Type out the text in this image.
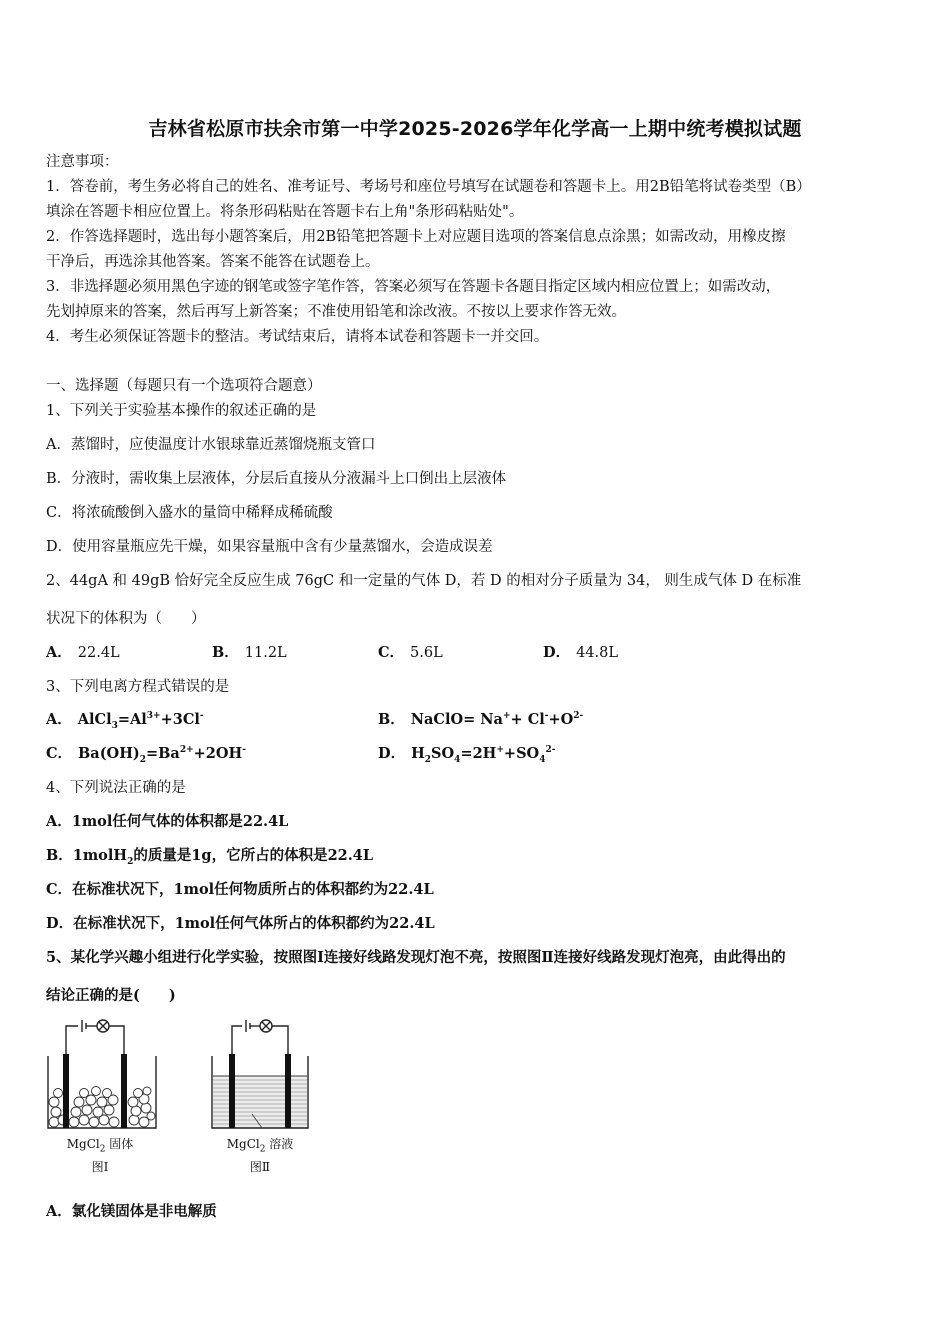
吉林省松原市扶余市第一中学2025-2026学年化学高一上期中统考模拟试题
注意事项：
1．答卷前，考生务必将自己的姓名、准考证号、考场号和座位号填写在试题卷和答题卡上。用2B铅笔将试卷类型（B）
填涂在答题卡相应位置上。将条形码粘贴在答题卡右上角"条形码粘贴处"。
2．作答选择题时，选出每小题答案后，用2B铅笔把答题卡上对应题目选项的答案信息点涂黑；如需改动，用橡皮擦
干净后，再选涂其他答案。答案不能答在试题卷上。
3．非选择题必须用黑色字迹的钢笔或签字笔作答，答案必须写在答题卡各题目指定区域内相应位置上；如需改动，
先划掉原来的答案，然后再写上新答案；不准使用铅笔和涂改液。不按以上要求作答无效。
4．考生必须保证答题卡的整洁。考试结束后，请将本试卷和答题卡一并交回。
一、选择题（每题只有一个选项符合题意）
1、下列关于实验基本操作的叙述正确的是
A．蒸馏时，应使温度计水银球靠近蒸馏烧瓶支管口
B．分液时，需收集上层液体，分层后直接从分液漏斗上口倒出上层液体
C．将浓硫酸倒入盛水的量筒中稀释成稀硫酸
D．使用容量瓶应先干燥，如果容量瓶中含有少量蒸馏水，会造成误差
2、44gA 和 49gB 恰好完全反应生成 76gC 和一定量的气体 D，若 D 的相对分子质量为 34， 则生成气体 D 在标准
状况下的体积为（　　）
A． 22.4L	B． 11.2L	C． 5.6L	D． 44.8L
3、下列电离方程式错误的是
A． $AlCl_3=Al^{3+}+3Cl^-$	B． NaClO= $Na^++ Cl^-+O^{2-}$
C． $Ba(OH)_2=Ba^{2+}+2OH^-$	D． $H_2SO_4=2H^++SO_4^{2-}$
4、下列说法正确的是
A．1mol任何气体的体积都是22.4L
B．1molH$_2$的质量是1g，它所占的体积是22.4L
C．在标准状况下，1mol任何物质所占的体积都约为22.4L
D．在标准状况下，1mol任何气体所占的体积都约为22.4L
5、某化学兴趣小组进行化学实验，按照图Ⅰ连接好线路发现灯泡不亮，按照图Ⅱ连接好线路发现灯泡亮，由此得出的
结论正确的是(　　)
MgCl$_2$ 固体
图Ⅰ
MgCl$_2$ 溶液
图Ⅱ
A．氯化镁固体是非电解质
